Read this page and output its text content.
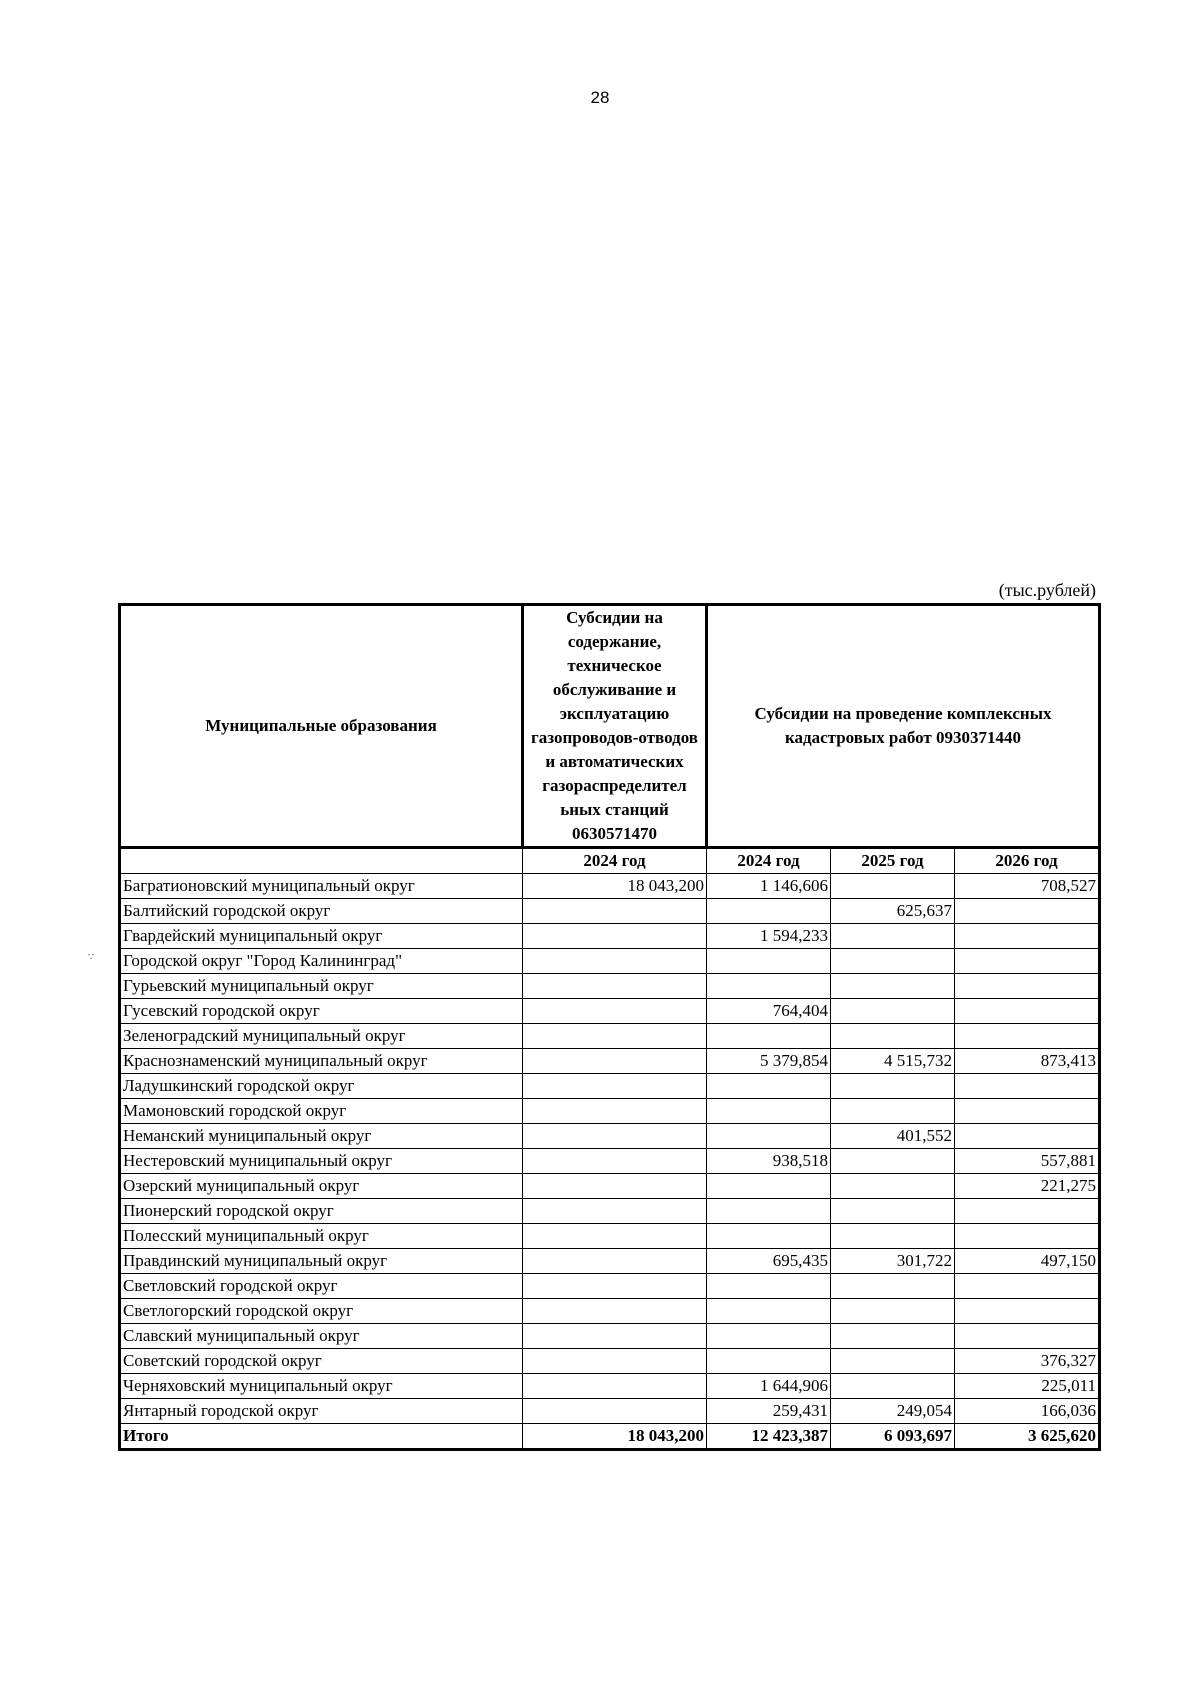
28
∵
(тыс.рублей)
Муниципальные образования	Субсидии на содержание, техническое обслуживание и эксплуатацию газопроводов-отводов и автоматических газораспределител ьных станций 0630571470	Субсидии на проведение комплексных кадастровых работ 0930371440		
	2024 год	2024 год	2025 год	2026 год
Багратионовский муниципальный округ	18 043,200	1 146,606		708,527
Балтийский городской округ			625,637	
Гвардейский муниципальный округ		1 594,233		
Городской округ "Город Калининград"				
Гурьевский муниципальный округ				
Гусевский городской округ		764,404		
Зеленоградский муниципальный округ				
Краснознаменский муниципальный округ		5 379,854	4 515,732	873,413
Ладушкинский городской округ				
Мамоновский городской округ				
Неманский муниципальный округ			401,552	
Нестеровский муниципальный округ		938,518		557,881
Озерский муниципальный округ				221,275
Пионерский городской округ				
Полесский муниципальный округ				
Правдинский муниципальный округ		695,435	301,722	497,150
Светловский городской округ				
Светлогорский городской округ				
Славский муниципальный округ				
Советский городской округ				376,327
Черняховский муниципальный округ		1 644,906		225,011
Янтарный городской округ		259,431	249,054	166,036
Итого	18 043,200	12 423,387	6 093,697	3 625,620
